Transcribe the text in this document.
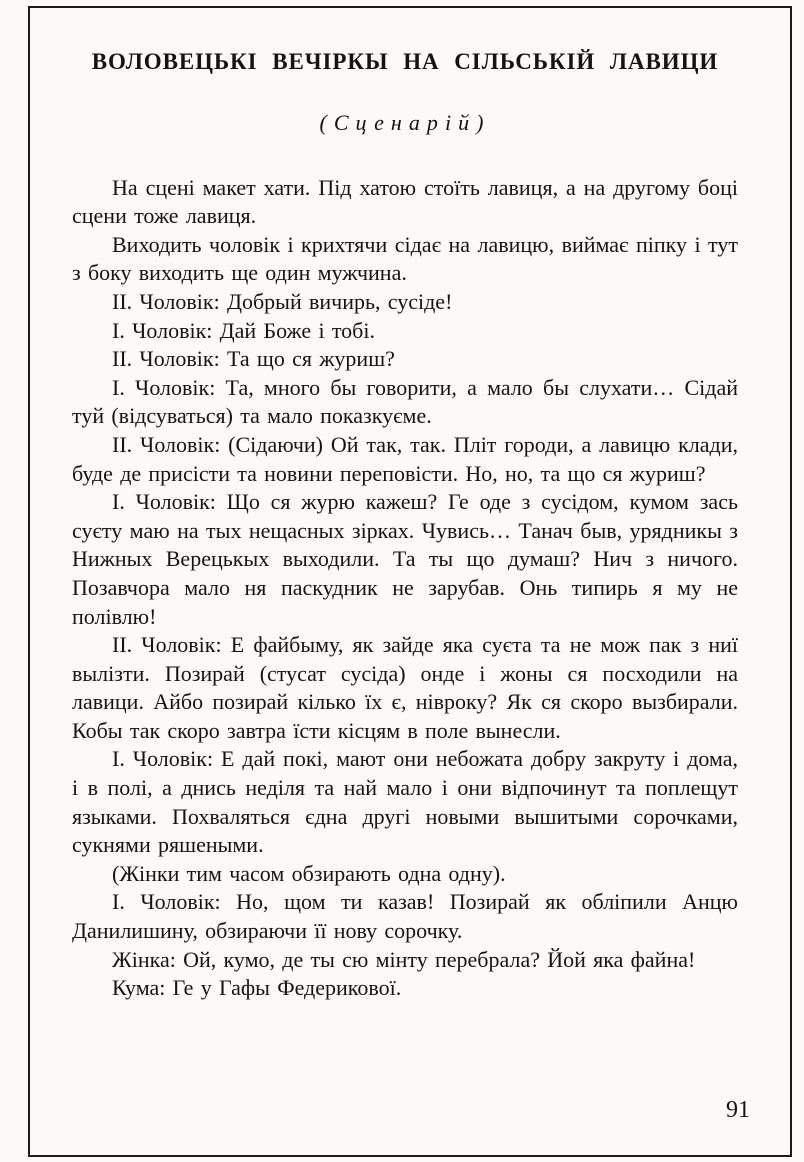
ВОЛОВЕЦЬКІ ВЕЧІРКЫ НА СІЛЬСЬКІЙ ЛАВИЦИ
(Сценарій)

На сцені макет хати. Під хатою стоїть лавиця, а на другому боці сцени тоже лавиця.

Виходить чоловік і крихтячи сідає на лавицю, виймає піпку і тут з боку виходить ще один мужчина.

ІІ. Чоловік: Добрый вичирь, сусіде!

І. Чоловік: Дай Боже і тобі.

ІІ. Чоловік: Та що ся журиш?

І. Чоловік: Та, много бы говорити, а мало бы слухати… Сідай туй (відсуваться) та мало показкуєме.

ІІ. Чоловік: (Сідаючи) Ой так, так. Пліт городи, а лавицю клади, буде де присісти та новини переповісти. Но, но, та що ся журиш?

І. Чоловік: Що ся журю кажеш? Ге оде з сусідом, кумом зась суєту маю на тых нещасных зірках. Чувись… Танач быв, урядникы з Нижных Верецькых выходили. Та ты що думаш? Нич з ничого. Позавчора мало ня паскудник не зарубав. Онь типирь я му не полівлю!

ІІ. Чоловік: Е файбыму, як зайде яка суєта та не мож пак з ниї вылізти. Позирай (стусат сусіда) онде і жоны ся посходили на лавици. Айбо позирай кілько їх є, нівроку? Як ся скоро вызбирали. Кобы так скоро завтра їсти кісцям в поле вынесли.

І. Чоловік: Е дай покі, мают они небожата добру закруту і дома, і в полі, а днись неділя та най мало і они відпочинут та поплещут языками. Похваляться єдна другі новыми вышитыми сорочками, сукнями ряшеными.

(Жінки тим часом обзирають одна одну).

І. Чоловік: Но, щом ти казав! Позирай як обліпили Анцю Данилишину, обзираючи її нову сорочку.

Жінка: Ой, кумо, де ты сю мінту перебрала? Йой яка файна!

Кума: Ге у Гафы Федерикової.

91
